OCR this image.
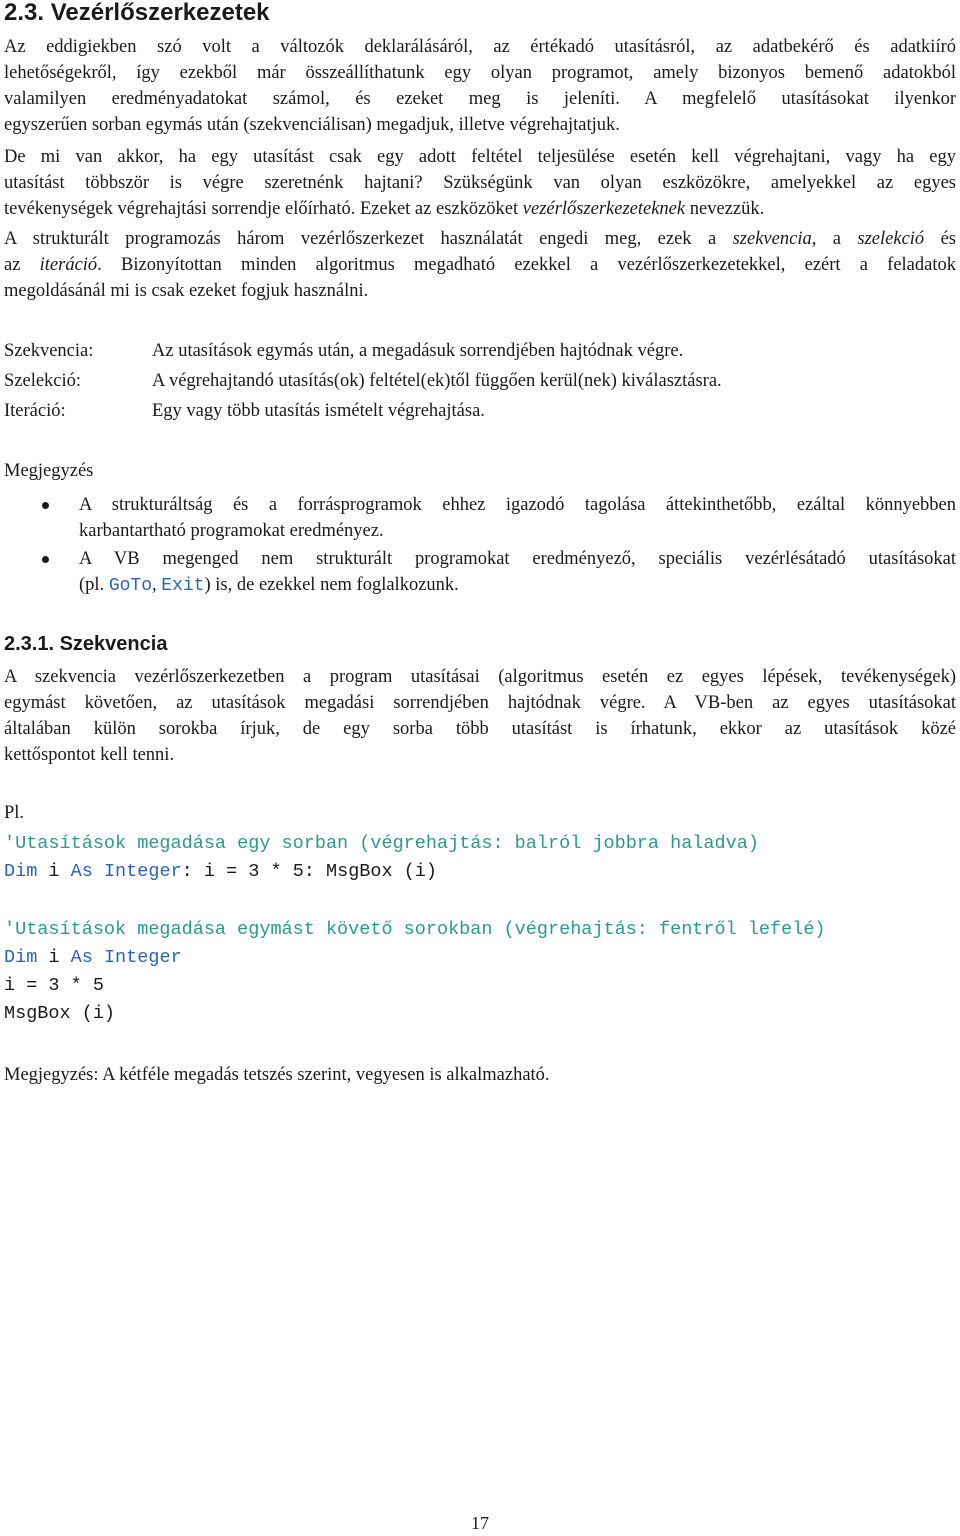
2.3. Vezérlőszerkezetek
Az eddigiekben szó volt a változók deklarálásáról, az értékadó utasításról, az adatbekérő és adatkiíró
lehetőségekről, így ezekből már összeállíthatunk egy olyan programot, amely bizonyos bemenő adatokból
valamilyen eredményadatokat számol, és ezeket meg is jeleníti. A megfelelő utasításokat ilyenkor
egyszerűen sorban egymás után (szekvenciálisan) megadjuk, illetve végrehajtatjuk.
De mi van akkor, ha egy utasítást csak egy adott feltétel teljesülése esetén kell végrehajtani, vagy ha egy
utasítást többször is végre szeretnénk hajtani? Szükségünk van olyan eszközökre, amelyekkel az egyes
tevékenységek végrehajtási sorrendje előírható. Ezeket az eszközöket vezérlőszerkezeteknek nevezzük.
A strukturált programozás három vezérlőszerkezet használatát engedi meg, ezek a szekvencia, a szelekció és
az iteráció. Bizonyítottan minden algoritmus megadható ezekkel a vezérlőszerkezetekkel, ezért a feladatok
megoldásánál mi is csak ezeket fogjuk használni.
Szekvencia:	Az utasítások egymás után, a megadásuk sorrendjében hajtódnak végre.
Szelekció:	A végrehajtandó utasítás(ok) feltétel(ek)től függően kerül(nek) kiválasztásra.
Iteráció:	Egy vagy több utasítás ismételt végrehajtása.
Megjegyzés
A strukturáltság és a forrásprogramok ehhez igazodó tagolása áttekinthetőbb, ezáltal könnyebben
karbantartható programokat eredményez.
A VB megenged nem strukturált programokat eredményező, speciális vezérlésátadó utasításokat
(pl. GoTo, Exit) is, de ezekkel nem foglalkozunk.
2.3.1. Szekvencia
A szekvencia vezérlőszerkezetben a program utasításai (algoritmus esetén ez egyes lépések, tevékenységek)
egymást követően, az utasítások megadási sorrendjében hajtódnak végre. A VB-ben az egyes utasításokat
általában külön sorokba írjuk, de egy sorba több utasítást is írhatunk, ekkor az utasítások közé
kettőspontot kell tenni.
Pl.
'Utasítások megadása egy sorban (végrehajtás: balról jobbra haladva)
Dim i As Integer: i = 3 * 5: MsgBox (i)
'Utasítások megadása egymást követő sorokban (végrehajtás: fentről lefelé)
Dim i As Integer
i = 3 * 5
MsgBox (i)
Megjegyzés: A kétféle megadás tetszés szerint, vegyesen is alkalmazható.
17
